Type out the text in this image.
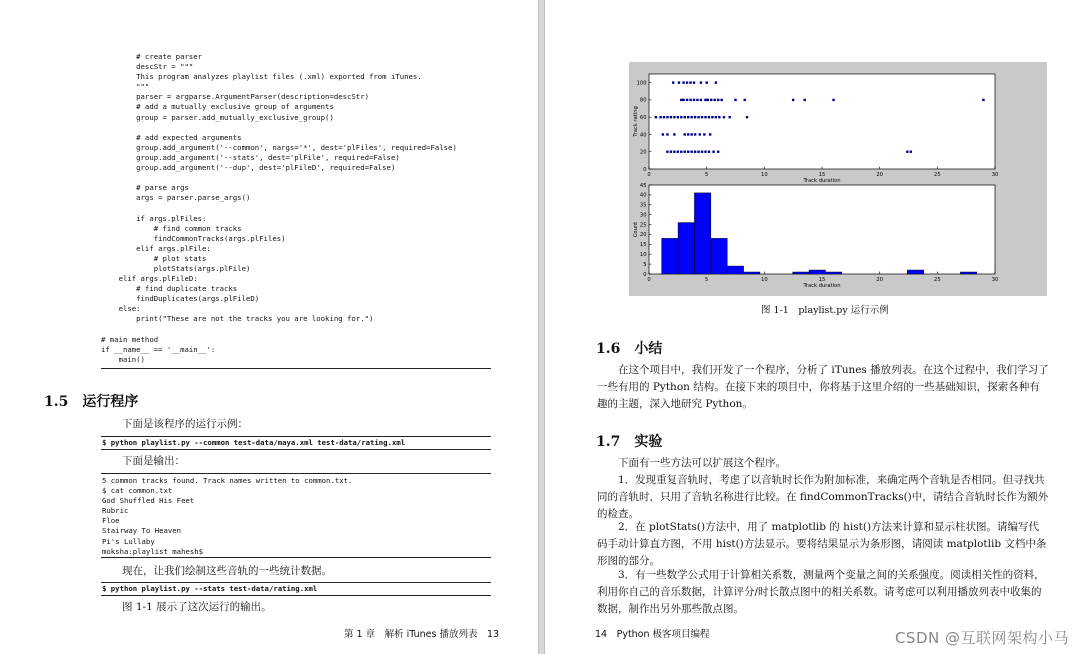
# create parser
descStr = """
This program analyzes playlist files (.xml) exported from iTunes.
"""
parser = argparse.ArgumentParser(description=descStr)
# add a mutually exclusive group of arguments
group = parser.add_mutually_exclusive_group()

# add expected arguments
group.add_argument('--common', nargs='*', dest='plFiles', required=False)
group.add_argument('--stats', dest='plFile', required=False)
group.add_argument('--dup', dest='plFileD', required=False)

# parse args
args = parser.parse_args()

if args.plFiles:
# find common tracks
findCommonTracks(args.plFiles)
elif args.plFile:
# plot stats
plotStats(args.plFile)
elif args.plFileD:
# find duplicate tracks
findDuplicates(args.plFileD)
else:
print("These are not the tracks you are looking for.")

# main method
if __name__ == '__main__':
main()
1.5 运行程序
下面是该程序的运行示例：
$ python playlist.py --common test-data/maya.xml test-data/rating.xml
下面是输出：
5 common tracks found. Track names written to common.txt.
$ cat common.txt
God Shuffled His Feet
Rubric
Floe
Stairway To Heaven
Pi's Lullaby
moksha:playlist mahesh$
现在，让我们绘制这些音轨的一些统计数据。
$ python playlist.py --stats test-data/rating.xml
图 1-1 展示了这次运行的输出。
第 1 章　解析 iTunes 播放列表　13
0	5	10	15	20	25	30
0
20
40
60
80
100
Track duration
Track rating
0	5	10	15	20	25	30
0
5
10
15
20
25
30
35
40
45
Track duration
Count
图 1-1　playlist.py 运行示例
1.6 小结
在这个项目中，我们开发了一个程序，分析了 iTunes 播放列表。在这个过程中，我们学习了一些有用的 Python 结构。在接下来的项目中，你将基于这里介绍的一些基础知识，探索各种有趣的主题，深入地研究 Python。
1.7 实验
下面有一些方法可以扩展这个程序。
1．发现重复音轨时，考虑了以音轨时长作为附加标准，来确定两个音轨是否相同。但寻找共同的音轨时，只用了音轨名称进行比较。在 findCommonTracks()中，请结合音轨时长作为额外的检查。
2．在 plotStats()方法中，用了 matplotlib 的 hist()方法来计算和显示柱状图。请编写代码手动计算直方图，不用 hist()方法显示。要将结果显示为条形图，请阅读 matplotlib 文档中条形图的部分。
3．有一些数学公式用于计算相关系数，测量两个变量之间的关系强度。阅读相关性的资料，利用你自己的音乐数据，计算评分/时长散点图中的相关系数。请考虑可以利用播放列表中收集的数据，制作出另外那些散点图。
14　Python 极客项目编程	CSDN @互联网架构小马
